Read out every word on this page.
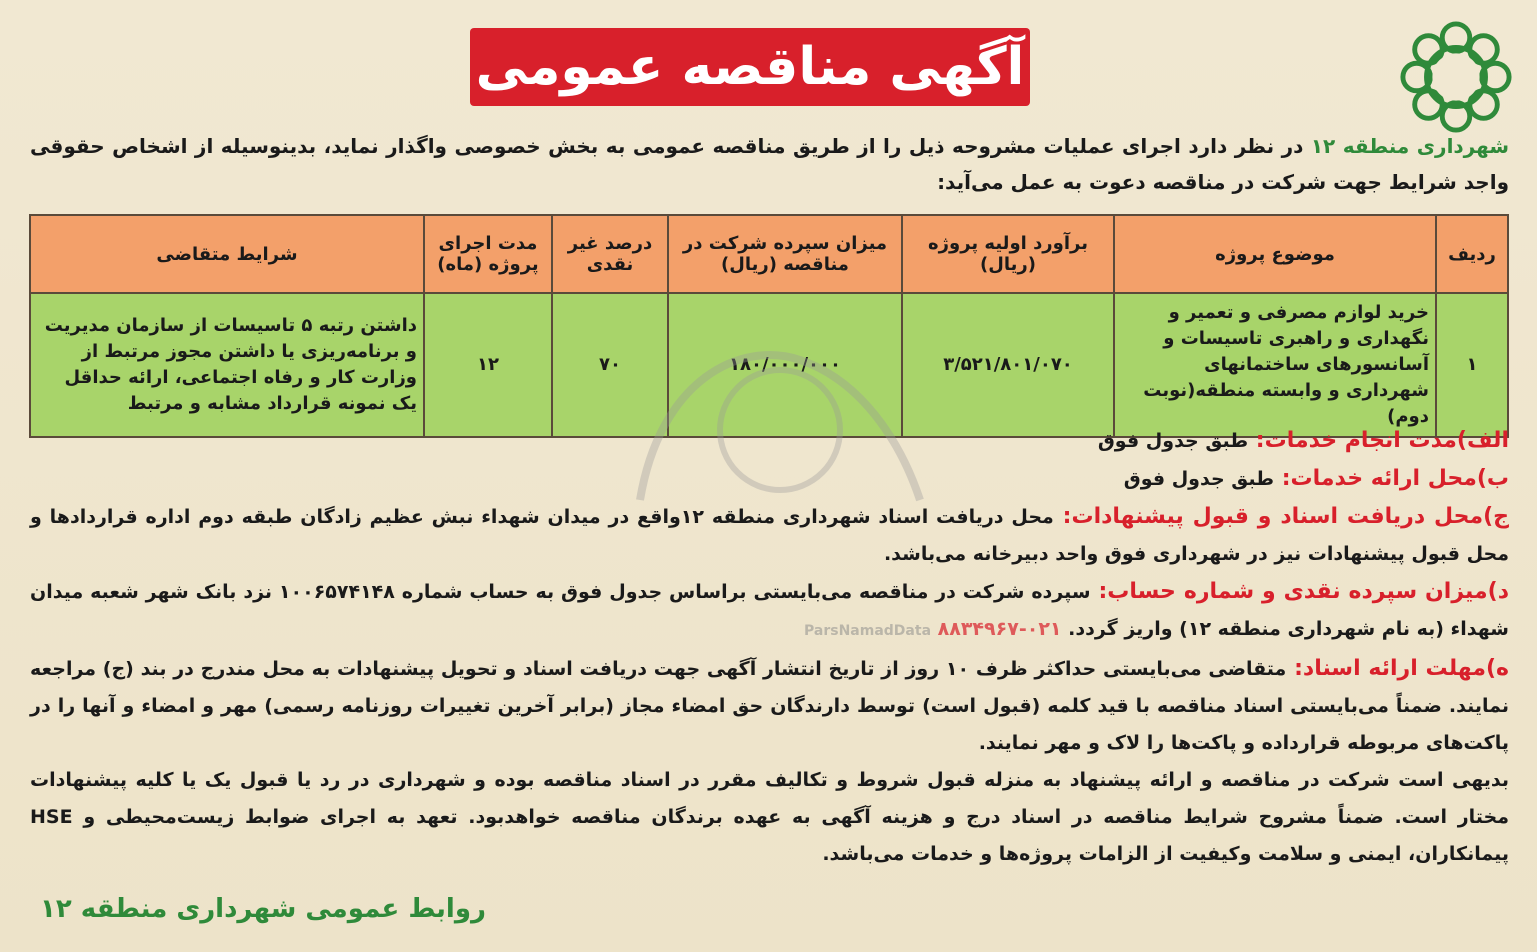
آگهی مناقصه عمومی
شهرداری منطقه ۱۲ در نظر دارد اجرای عملیات مشروحه ذیل را از طریق مناقصه عمومی به بخش خصوصی واگذار نماید، بدینوسیله از اشخاص حقوقی واجد شرایط جهت شرکت در مناقصه دعوت به عمل می‌آید:
ردیف	موضوع پروژه	برآورد اولیه پروژه (ریال)	میزان سپرده شرکت در مناقصه (ریال)	درصد غیر نقدی	مدت اجرای پروژه (ماه)	شرایط متقاضی
۱	خرید لوازم مصرفی و تعمیر و نگهداری و راهبری تاسیسات و آسانسورهای ساختمانهای شهرداری و وابسته منطقه(نوبت دوم)	۳/۵۲۱/۸۰۱/۰۷۰	۱۸۰/۰۰۰/۰۰۰	۷۰	۱۲	داشتن رتبه ۵ تاسیسات از سازمان مدیریت و برنامه‌ریزی یا داشتن مجوز مرتبط از وزارت کار و رفاه اجتماعی، ارائه حداقل یک نمونه قرارداد مشابه و مرتبط
الف)مدت انجام خدمات: طبق جدول فوق
ب)محل ارائه خدمات: طبق جدول فوق
ج)محل دریافت اسناد و قبول پیشنهادات: محل دریافت اسناد شهرداری منطقه ۱۲واقع در میدان شهداء نبش عظیم زادگان طبقه دوم اداره قراردادها و محل قبول پیشنهادات نیز در شهرداری فوق واحد دبیرخانه می‌باشد.
د)میزان سپرده نقدی و شماره حساب: سپرده شرکت در مناقصه می‌بایستی براساس جدول فوق به حساب شماره ۱۰۰۶۵۷۴۱۴۸ نزد بانک شهر شعبه میدان شهداء (به نام شهرداری منطقه ۱۲) واریز گردد. ۰۲۱-۸۸۳۴۹۶۷ ParsNamadData
ه)مهلت ارائه اسناد: متقاضی می‌بایستی حداکثر ظرف ۱۰ روز از تاریخ انتشار آگهی جهت دریافت اسناد و تحویل پیشنهادات به محل مندرج در بند (ج) مراجعه نمایند. ضمناً می‌بایستی اسناد مناقصه با قید کلمه (قبول است) توسط دارندگان حق امضاء مجاز (برابر آخرین تغییرات روزنامه رسمی) مهر و امضاء و آنها را در پاکت‌های مربوطه قرارداده و پاکت‌ها را لاک و مهر نمایند.
بدیهی است شرکت در مناقصه و ارائه پیشنهاد به منزله قبول شروط و تکالیف مقرر در اسناد مناقصه بوده و شهرداری در رد یا قبول یک یا کلیه پیشنهادات مختار است. ضمناً مشروح شرایط مناقصه در اسناد درج و هزینه آگهی به عهده برندگان مناقصه خواهدبود. تعهد به اجرای ضوابط زیست‌محیطی و HSE پیمانکاران، ایمنی و سلامت وکیفیت از الزامات پروژه‌ها و خدمات می‌باشد.
روابط عمومی شهرداری منطقه ۱۲
